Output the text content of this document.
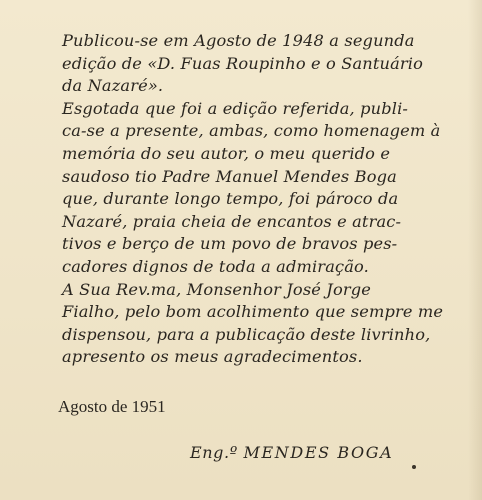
Publicou-se em Agosto de 1948 a segunda
edição de «D. Fuas Roupinho e o Santuário
da Nazaré».
Esgotada que foi a edição referida, publi-
ca-se a presente, ambas, como homenagem à
memória do seu autor, o meu querido e
saudoso tio Padre Manuel Mendes Boga
que, durante longo tempo, foi pároco da
Nazaré, praia cheia de encantos e atrac-
tivos e berço de um povo de bravos pes-
cadores dignos de toda a admiração.
A Sua Rev.ma, Monsenhor José Jorge
Fialho, pelo bom acolhimento que sempre me
dispensou, para a publicação deste livrinho,
apresento os meus agradecimentos.
Agosto de 1951
Eng.º MENDES BOGA
